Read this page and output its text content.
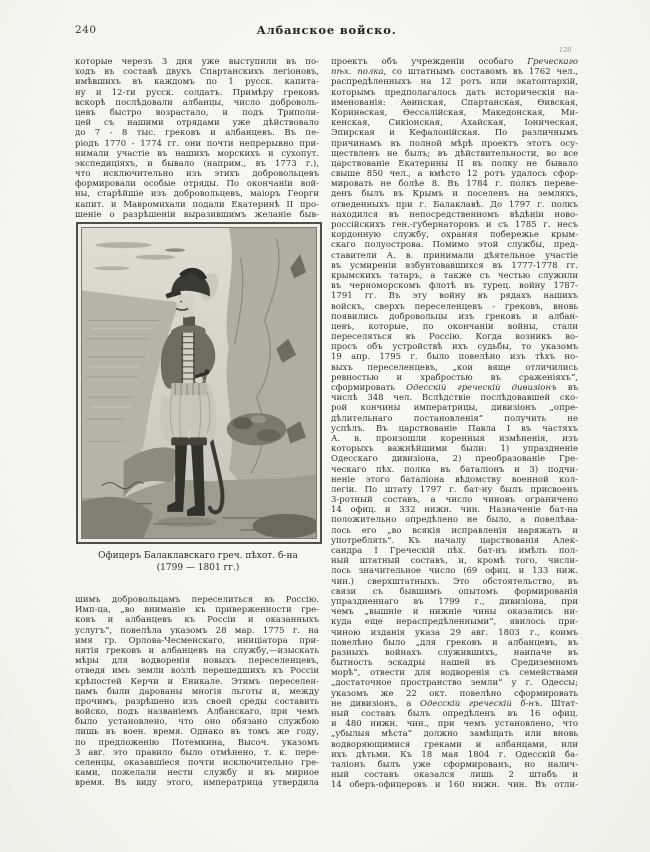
240	Албанское войско.
120
которые черезъ 3 дня уже выступили въ по-
ходъ въ составѣ двухъ Спартанскихъ легіоновъ,
имѣвшихъ въ каждомъ по 1 русск. капита-
ну и 12-ти русск. солдатъ. Примѣру грековъ
вскорѣ послѣдовали албанцы, число доброволь-
цевъ быстро возрастало, и подъ Триполи-
цей съ нашими отрядами уже дѣйствовало
до 7 - 8 тыс. грековъ и албанцевъ. Въ пе-
ріодъ 1770 - 1774 гг. они почти непрерывно при-
нимали участіе въ нашихъ морскихъ и сухопут.
экспедиціяхъ, и бывало (наприм., въ 1773 г.),
что исключительно изъ этихъ добровольцевъ
формировали особые отряды. По окончаніи вой-
ны, старѣйшіе изъ добровольцевъ, маіоръ Георги
капит. и Мавромихали подали Екатеринѣ II про-
шеніе о разрѣшеніи выразившимъ желаніе быв-
Офицеръ Балаклавскаго греч. пѣхот. б-на
(1799 — 1801 гг.)
шимъ добровольцамъ переселиться въ Россію.
Имп-ца, „во вниманіе къ приверженности гре-
ковъ и албанцевъ къ Россіи и оказанныхъ
услугъ“, повелѣла указомъ 28 мар. 1775 г. на
имя гр. Орлова-Чесменскаго, иниціатора при-
нятія грековъ и албанцевъ на службу,—изыскать
мѣры для водворенія новыхъ переселенцевъ,
отведя имъ земли возлѣ перешедшихъ къ Россіи
крѣпостей Керчи и Еникале. Этимъ переселен-
цамъ были дарованы многія льготы и, между
прочимъ, разрѣшено изъ своей среды составить
войско, подъ названіемъ Албанскаго, при чемъ
было установлено, что оно обязано службою
лишь въ воен. время. Однако въ томъ же году,
по предложенію Потемкина, Высоч. указомъ
3 авг. это правило было отмѣнено, т. к. пере-
селенцы, оказавшіеся почти исключительно гре-
ками, пожелали нести службу и въ мирное
время. Въ виду этого, императрица утвердила
проектъ объ учрежденіи особаго Греческаго
пѣх. полка, со штатнымъ составомъ въ 1762 чел.,
распредѣленныхъ на 12 ротъ или экатонтархій,
которымъ предполагалось дать историческія на-
именованія: Аѳинская, Спартанская, Ѳивская,
Коринѳская, Ѳессалійская, Македонская, Ми-
кенская, Сикіонская, Ахайская, Іоническая,
Эпирская и Кефалонійская. По различнымъ
причинамъ въ полной мѣрѣ проектъ этотъ осу-
ществленъ не былъ; въ дѣйствительности, во все
царствованіе Екатерины II въ полку не бывало
свыше 850 чел., а вмѣсто 12 ротъ удалось сфор-
мировать не болѣе 8. Въ 1784 г. полкъ переве-
денъ былъ въ Крымъ и поселенъ на земляхъ,
отведенныхъ при г. Балаклавѣ. До 1797 г. полкъ
находился въ непосредственномъ вѣдѣніи ново-
россійскихъ ген.-губернаторовъ и съ 1785 г. несъ
кордонную службу, охраняя побережье крым-
скаго полуострова. Помимо этой службы, пред-
ставители А. в. принимали дѣятельное участіе
въ усмиреніи взбунтовавшихся въ 1777-1778 гг.
крымскихъ татаръ, а также съ честью служили
въ черноморскомъ флотѣ въ турец. войну 1787-
1791 гг. Въ эту войну въ рядахъ нашихъ
войскъ, сверхъ переселенцевъ - грековъ, вновь
появились добровольцы изъ грековъ и албан-
цевъ, которые, по окончаніи войны, стали
переселяться въ Россію. Когда возникъ во-
просъ объ устройствѣ ихъ судьбы, то указомъ
19 апр. 1795 г. было повелѣно изъ тѣхъ но-
выхъ переселенцевъ, „кои вяще отличились
ревностью и храбростью въ сраженіяхъ“,
сформировать Одесскій греческій дивизіонъ въ
числѣ 348 чел. Вслѣдствіе послѣдовавшей ско-
рой кончины императрицы, дивизіонъ „опре-
дѣлительнаго постановленія“ получить не
успѣлъ. Въ царствованіе Павла I въ частяхъ
А. в. произошли коренныя измѣненія, изъ
которыхъ важнѣйшими были: 1) упраздненіе
Одесскаго дивизіона, 2) преобразованіе Гре-
ческаго пѣх. полка въ баталіонъ и 3) подчи-
неніе этого баталіона вѣдомству военной кол-
легіи. По штату 1797 г. бат-ну былъ присвоенъ
3-ротный составъ, а число чиновъ ограничено
14 офиц. и 332 нижн. чин. Назначеніе бат-на
положительно опредѣлено не было, а повелѣва-
лось его „во всякія исправленія наряжать и
употреблять“. Къ началу царствованія Алек-
сандра I Греческій пѣх. бат-нъ имѣлъ пол-
ный штатный составъ, и, кромѣ того, числи-
лось значительное число (69 офиц. и 133 ниж.
чин.) сверхштатныхъ. Это обстоятельство, въ
связи съ бывшимъ опытомъ формированія
упраздненнаго въ 1799 г., дивизіона, при
чемъ „вышніе и нижніе чины оказались ни-
куда еще нераспредѣленными“, явилось при-
чиною изданія указа 29 авг. 1803 г., коимъ
повелѣно было „для грековъ и албанцевъ, въ
разныхъ войнахъ служившихъ, наипаче въ
бытность эскадры нашей въ Средиземномъ
морѣ“, отвести для водворенія съ семействами
„достаточное пространство земли“ у г. Одессы;
указомъ же 22 окт. повелѣно сформировать
не дивизіонъ, а Одесскій греческій б-нъ. Штат-
ный составъ былъ опредѣленъ въ 16 офиц.
и 480 нижн. чин., при чемъ установлено, что
„убылыя мѣста“ должно замѣщать или вновь
водворяющимися греками и албанцами, или
ихъ дѣтьми. Къ 18 мая 1804 г. Одесскій ба-
таліонъ былъ уже сформированъ, но налич-
ный составъ оказался лишь 2 штабъ и
14 оберъ-офицеровъ и 160 нижн. чин. Въ отли-
